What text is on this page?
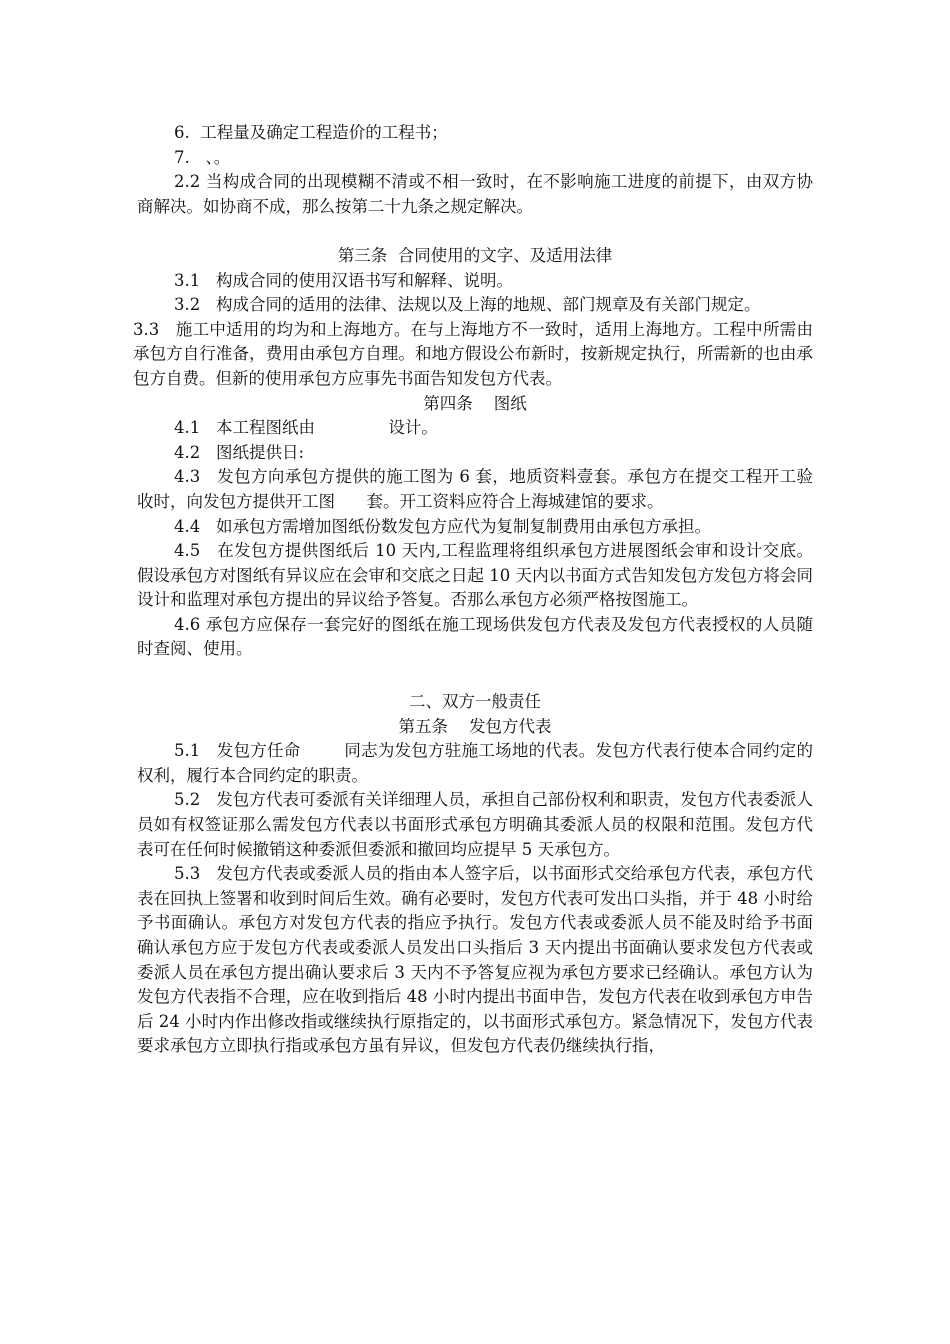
6.  工程量及确定工程造价的工程书；

7.   、。

2.2 当构成合同的出现模糊不清或不相一致时，在不影响施工进度的前提下，由双方协商解决。如协商不成，那么按第二十九条之规定解决。

第三条  合同使用的文字、及适用法律

3.1   构成合同的使用汉语书写和解释、说明。

3.2   构成合同的适用的法律、法规以及上海的地规、部门规章及有关部门规定。

3.3   施工中适用的均为和上海地方。在与上海地方不一致时，适用上海地方。工程中所需由承包方自行准备，费用由承包方自理。和地方假设公布新时，按新规定执行，所需新的也由承包方自费。但新的使用承包方应事先书面告知发包方代表。

第四条    图纸

4.1   本工程图纸由              设计。

4.2   图纸提供日:

4.3   发包方向承包方提供的施工图为 6 套，地质资料壹套。承包方在提交工程开工验收时，向发包方提供开工图      套。开工资料应符合上海城建馆的要求。

4.4   如承包方需增加图纸份数发包方应代为复制复制费用由承包方承担。

4.5   在发包方提供图纸后 10 天内,工程监理将组织承包方进展图纸会审和设计交底。假设承包方对图纸有异议应在会审和交底之日起 10 天内以书面方式告知发包方发包方将会同设计和监理对承包方提出的异议给予答复。否那么承包方必须严格按图施工。

4.6 承包方应保存一套完好的图纸在施工现场供发包方代表及发包方代表授权的人员随时查阅、使用。

二、双方一般责任

第五条    发包方代表

5.1   发包方任命        同志为发包方驻施工场地的代表。发包方代表行使本合同约定的权利，履行本合同约定的职责。

5.2   发包方代表可委派有关详细理人员，承担自己部份权利和职责，发包方代表委派人员如有权签证那么需发包方代表以书面形式承包方明确其委派人员的权限和范围。发包方代表可在任何时候撤销这种委派但委派和撤回均应提早 5 天承包方。

5.3   发包方代表或委派人员的指由本人签字后，以书面形式交给承包方代表，承包方代表在回执上签署和收到时间后生效。确有必要时，发包方代表可发出口头指，并于 48 小时给予书面确认。承包方对发包方代表的指应予执行。发包方代表或委派人员不能及时给予书面确认承包方应于发包方代表或委派人员发出口头指后 3 天内提出书面确认要求发包方代表或委派人员在承包方提出确认要求后 3 天内不予答复应视为承包方要求已经确认。承包方认为发包方代表指不合理，应在收到指后 48 小时内提出书面申告，发包方代表在收到承包方申告后 24 小时内作出修改指或继续执行原指定的，以书面形式承包方。紧急情况下，发包方代表要求承包方立即执行指或承包方虽有异议，但发包方代表仍继续执行指，
